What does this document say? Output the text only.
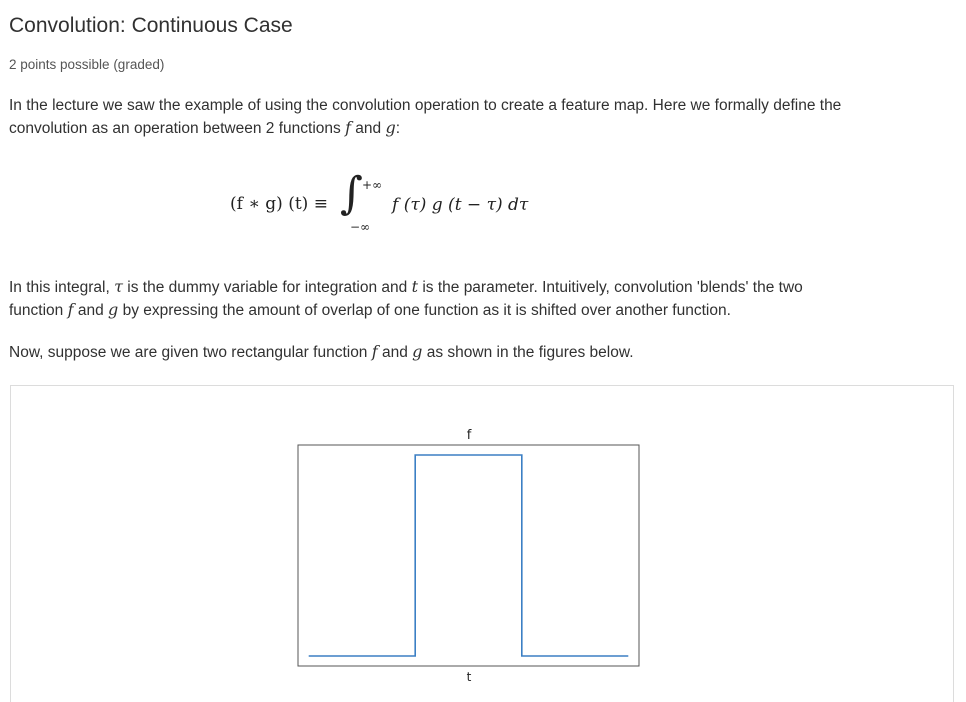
Convolution: Continuous Case
2 points possible (graded)
In the lecture we saw the example of using the convolution operation to create a feature map. Here we formally define the
convolution as an operation between 2 functions f and g:
(f ∗ g) (t) ≡ ∫ +∞
−∞
f (τ) g (t − τ) dτ
In this integral, τ is the dummy variable for integration and t is the parameter. Intuitively, convolution 'blends' the two
function f and g by expressing the amount of overlap of one function as it is shifted over another function.
Now, suppose we are given two rectangular function f and g as shown in the figures below.
f
t
